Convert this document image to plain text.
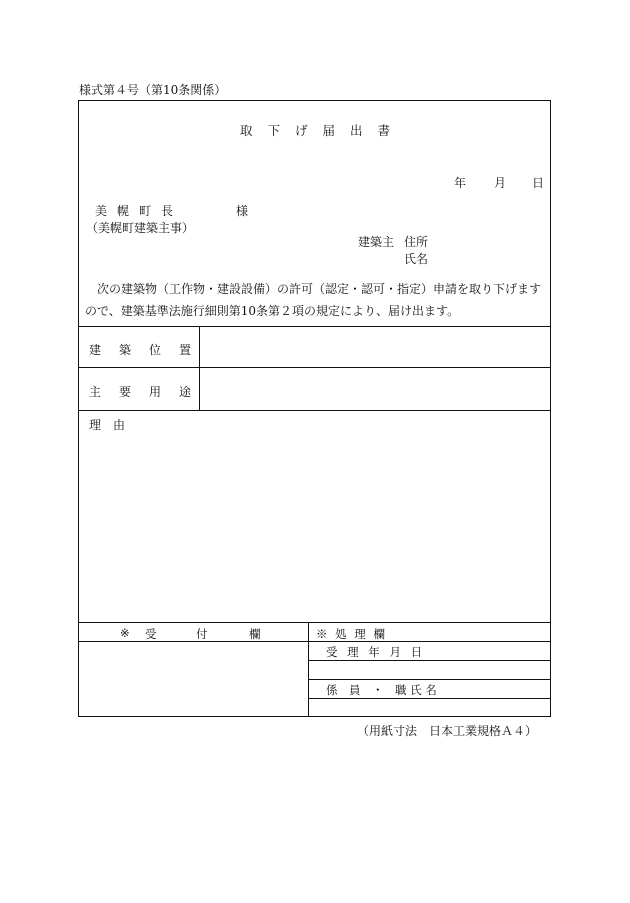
様式第４号（第10条関係）
取下げ届出書
年 月 日
美幌町長	様
（美幌町建築主事）
建築主 住所
氏名
次の建築物（工作物・建設設備）の許可（認定・認可・指定）申請を取り下げますので、建築基準法施行細則第10条第２項の規定により、届け出ます。
建築位置
主要用途
理由
※ 受	付	欄	※ 処 理 欄
受 理 年 月 日
係　員　・　職 氏 名
（用紙寸法　日本工業規格Ａ４）
